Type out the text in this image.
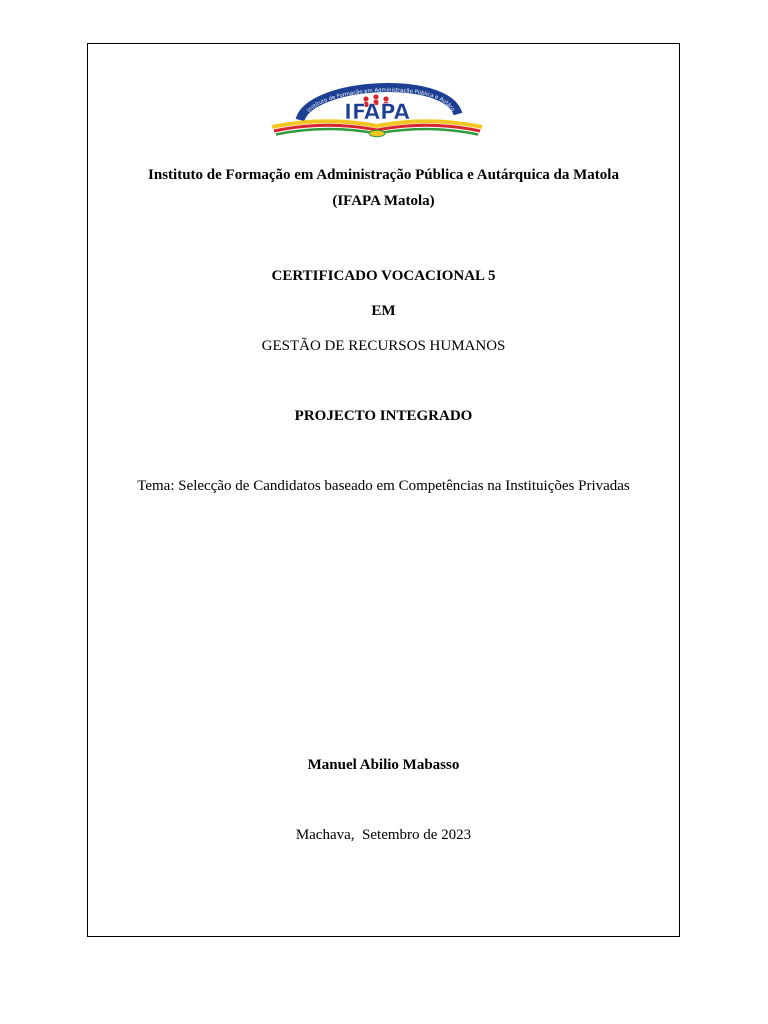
Instituto de Formação em Administração Pública e Autárq
IFAPA
Instituto de Formação em Administração Pública e Autárquica da Matola
(IFAPA Matola)
CERTIFICADO VOCACIONAL 5
EM
GESTÃO DE RECURSOS HUMANOS
PROJECTO INTEGRADO
Tema: Selecção de Candidatos baseado em Competências na Instituições Privadas
Manuel Abilio Mabasso
Machava,  Setembro de 2023
